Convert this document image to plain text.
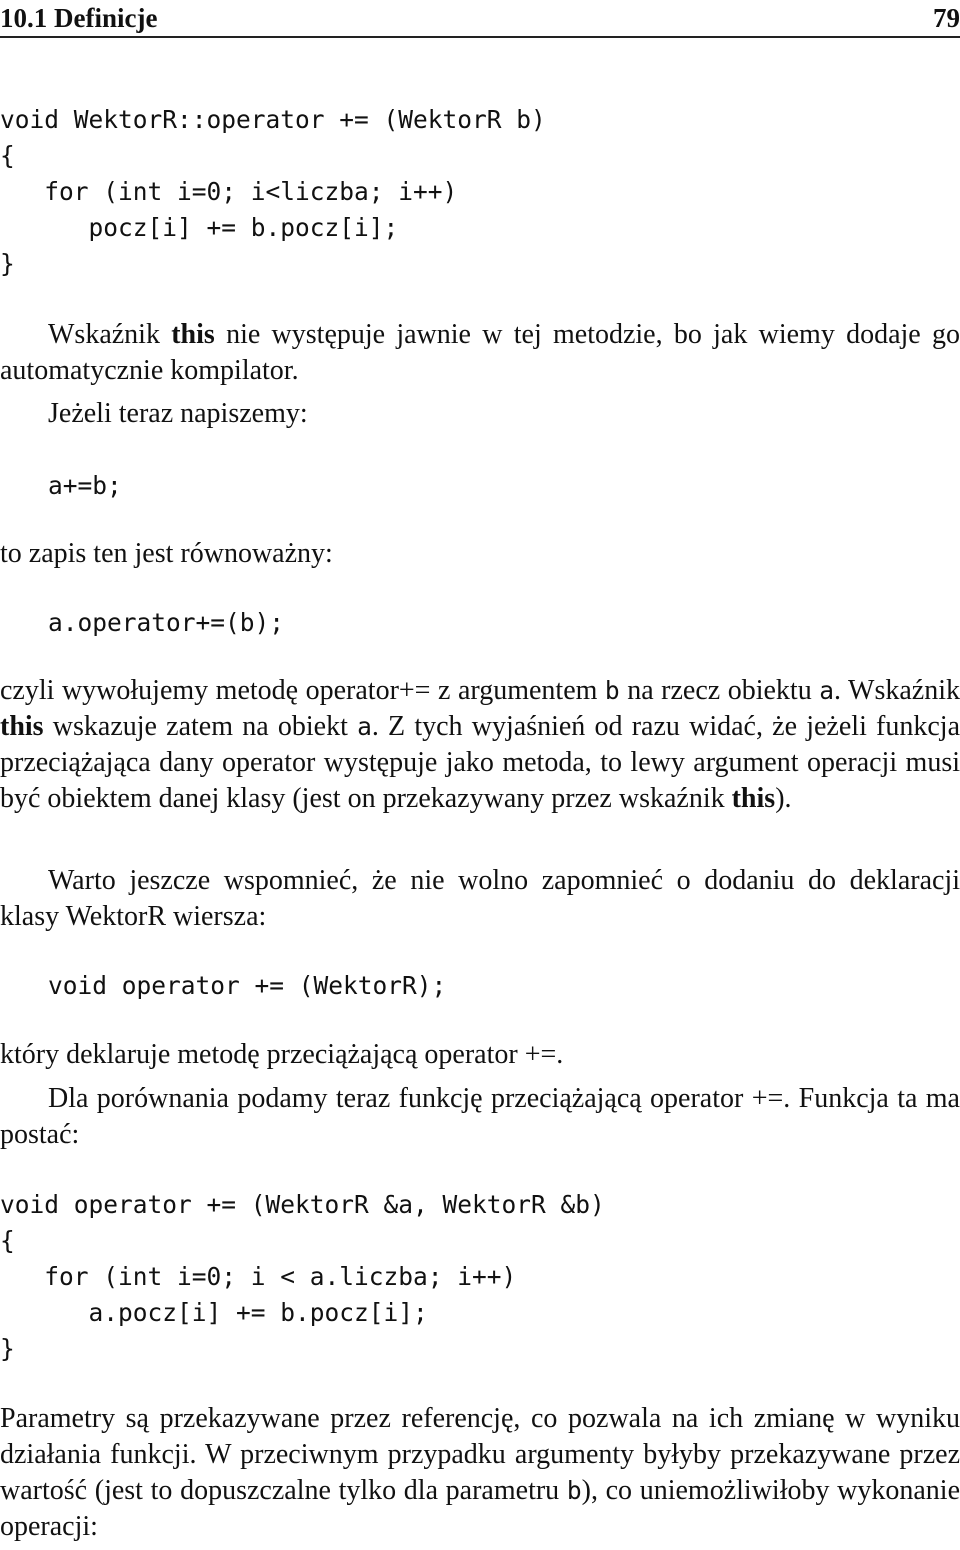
10.1 Definicje	79
void WektorR::operator += (WektorR b)
{
for (int i=0; i<liczba; i++)
pocz[i] += b.pocz[i];
}

Wskaźnik this nie występuje jawnie w tej metodzie, bo jak wiemy dodaje go automatycznie kompilator.

Jeżeli teraz napiszemy:

a+=b;

to zapis ten jest równoważny:

a.operator+=(b);

czyli wywołujemy metodę operator+= z argumentem b na rzecz obiektu a. Wskaźnik this wskazuje zatem na obiekt a. Z tych wyjaśnień od razu widać, że jeżeli funkcja przeciążająca dany operator występuje jako metoda, to lewy argument operacji musi być obiektem danej klasy (jest on przekazywany przez wskaźnik this).

Warto jeszcze wspomnieć, że nie wolno zapomnieć o dodaniu do deklaracji klasy WektorR wiersza:

void operator += (WektorR);

który deklaruje metodę przeciążającą operator +=.

Dla porównania podamy teraz funkcję przeciążającą operator +=. Funkcja ta ma postać:

void operator += (WektorR &a, WektorR &b)
{
for (int i=0; i < a.liczba; i++)
a.pocz[i] += b.pocz[i];
}

Parametry są przekazywane przez referencję, co pozwala na ich zmianę w wyniku działania funkcji. W przeciwnym przypadku argumenty byłyby przekazywane przez wartość (jest to dopuszczalne tylko dla parametru b), co uniemożliwiłoby wykonanie operacji:
